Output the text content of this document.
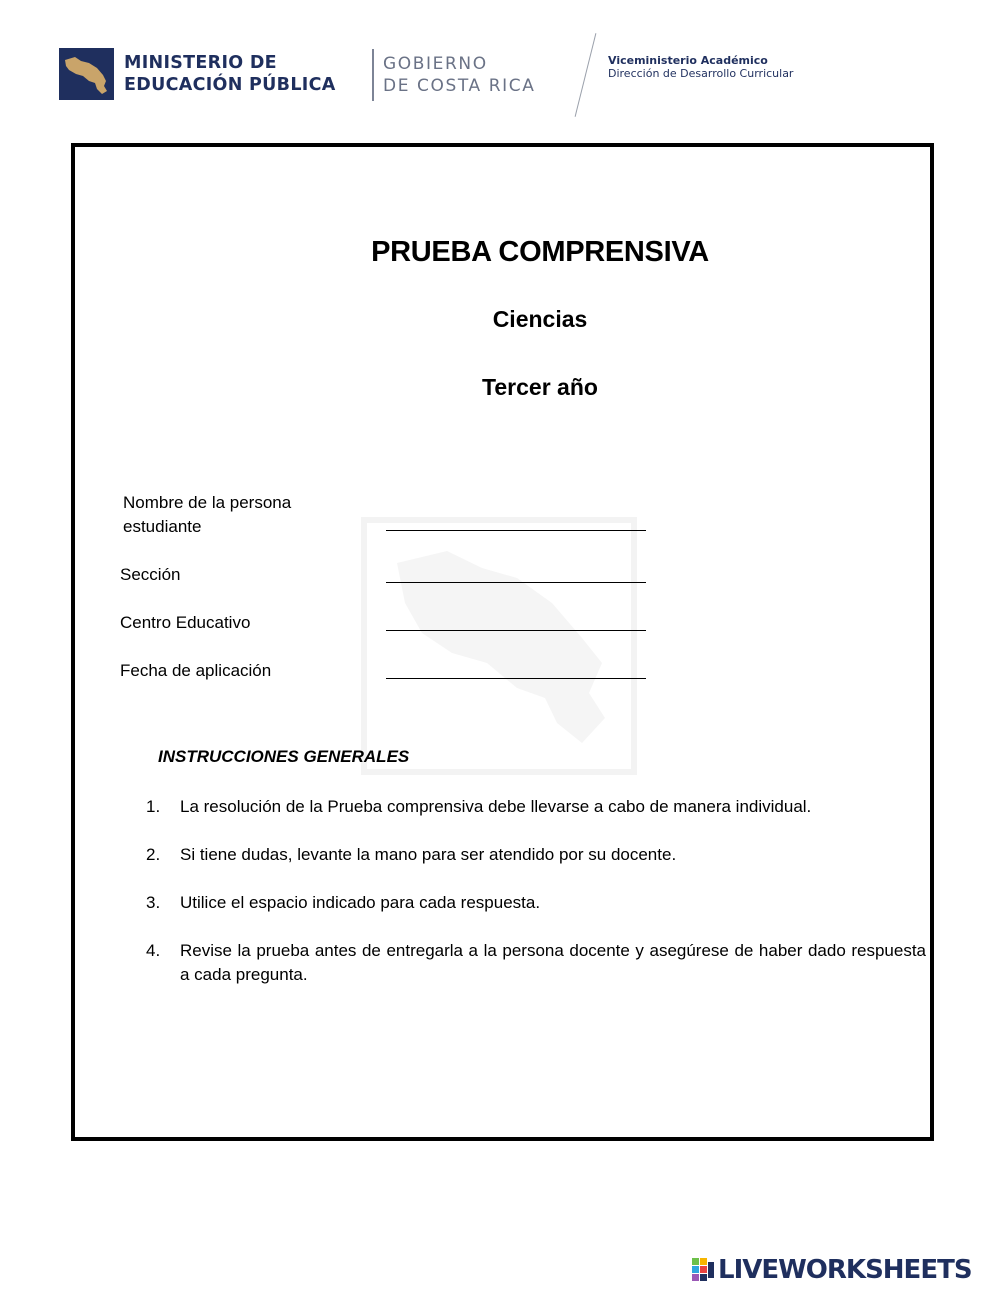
MINISTERIO DE
EDUCACIÓN PÚBLICA
GOBIERNO
DE COSTA RICA
Viceministerio Académico
Dirección de Desarrollo Curricular
PRUEBA COMPRENSIVA
Ciencias
Tercer año
Nombre de la persona
estudiante
Sección
Centro Educativo
Fecha de aplicación
INSTRUCCIONES GENERALES
1.	La resolución de la Prueba comprensiva debe llevarse a cabo de manera individual.
2.	Si tiene dudas, levante la mano para ser atendido por su docente.
3.	Utilice el espacio indicado para cada respuesta.
4.	Revise la prueba antes de entregarla a la persona docente y asegúrese de haber dado respuesta a cada pregunta.
LIVEWORKSHEETS
